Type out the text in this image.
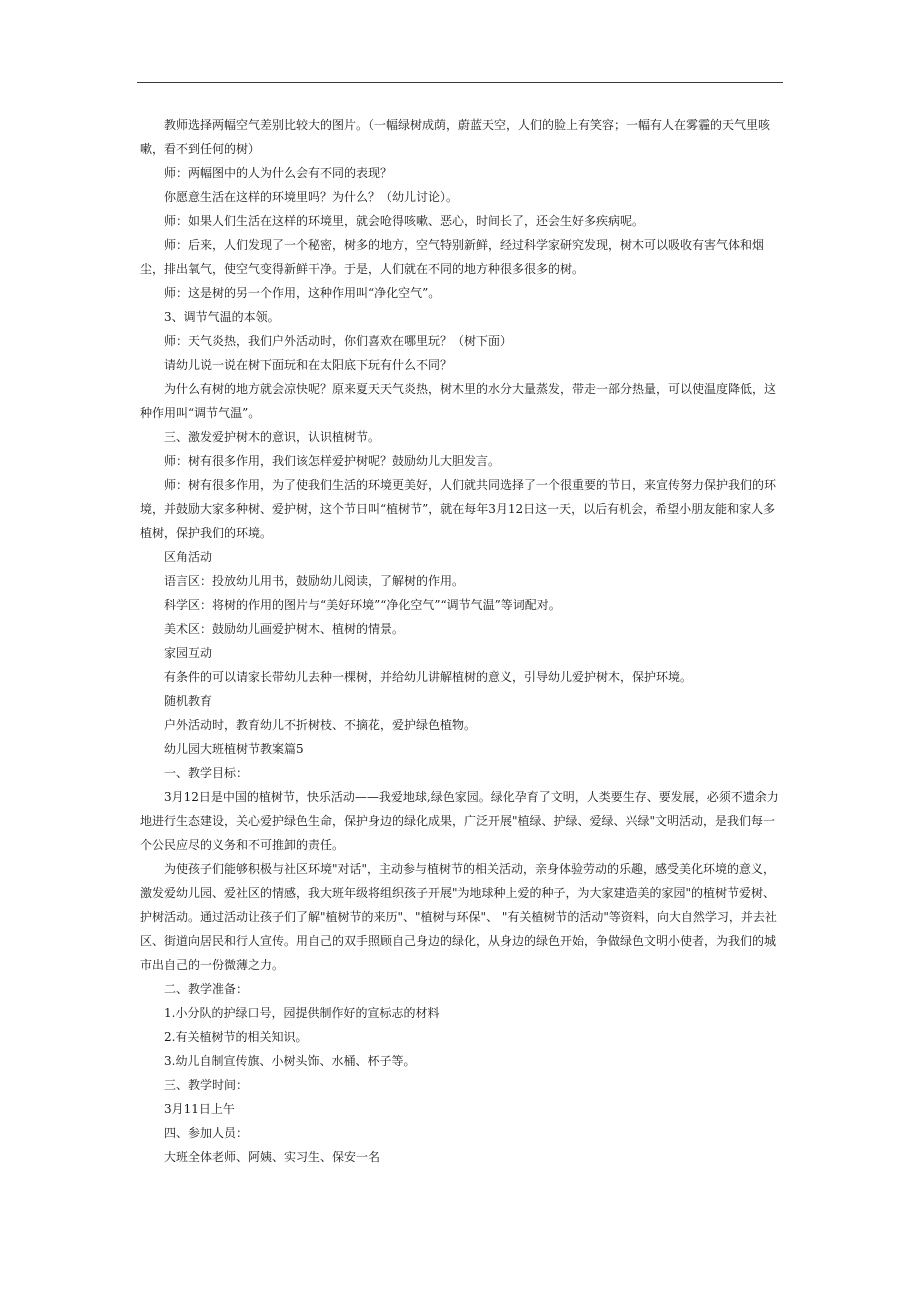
教师选择两幅空气差别比较大的图片。（一幅绿树成荫，蔚蓝天空，人们的脸上有笑容；一幅有人在雾霾的天气里咳嗽，看不到任何的树）

师：两幅图中的人为什么会有不同的表现？

你愿意生活在这样的环境里吗？为什么？（幼儿讨论）。

师：如果人们生活在这样的环境里，就会呛得咳嗽、恶心，时间长了，还会生好多疾病呢。

师：后来，人们发现了一个秘密，树多的地方，空气特别新鲜，经过科学家研究发现，树木可以吸收有害气体和烟尘，排出氧气，使空气变得新鲜干净。于是，人们就在不同的地方种很多很多的树。

师：这是树的另一个作用，这种作用叫“净化空气”。

3、调节气温的本领。

师：天气炎热，我们户外活动时，你们喜欢在哪里玩？（树下面）

请幼儿说一说在树下面玩和在太阳底下玩有什么不同？

为什么有树的地方就会凉快呢？原来夏天天气炎热，树木里的水分大量蒸发，带走一部分热量，可以使温度降低，这种作用叫“调节气温”。

三、激发爱护树木的意识，认识植树节。

师：树有很多作用，我们该怎样爱护树呢？鼓励幼儿大胆发言。

师：树有很多作用，为了使我们生活的环境更美好，人们就共同选择了一个很重要的节日，来宣传努力保护我们的环境，并鼓励大家多种树、爱护树，这个节日叫“植树节”，就在每年3月12日这一天，以后有机会，希望小朋友能和家人多植树，保护我们的环境。

区角活动

语言区：投放幼儿用书，鼓励幼儿阅读，了解树的作用。

科学区：将树的作用的图片与“美好环境”“净化空气”“调节气温”等词配对。

美术区：鼓励幼儿画爱护树木、植树的情景。

家园互动

有条件的可以请家长带幼儿去种一棵树，并给幼儿讲解植树的意义，引导幼儿爱护树木，保护环境。

随机教育

户外活动时，教育幼儿不折树枝、不摘花，爱护绿色植物。

幼儿园大班植树节教案篇5

一、教学目标：

3月12日是中国的植树节，快乐活动——我爱地球,绿色家园。绿化孕育了文明，人类要生存、要发展，必须不遗余力地进行生态建设，关心爱护绿色生命，保护身边的绿化成果，广泛开展"植绿、护绿、爱绿、兴绿"文明活动，是我们每一个公民应尽的义务和不可推卸的责任。

为使孩子们能够积极与社区环境"对话"，主动参与植树节的相关活动，亲身体验劳动的乐趣，感受美化环境的意义，激发爱幼儿园、爱社区的情感，我大班年级将组织孩子开展"为地球种上爱的种子，为大家建造美的家园"的植树节爱树、护树活动。通过活动让孩子们了解"植树节的来历"、"植树与环保"、 "有关植树节的活动"等资料，向大自然学习，并去社区、街道向居民和行人宣传。用自己的双手照顾自己身边的绿化，从身边的绿色开始，争做绿色文明小使者，为我们的城市出自己的一份微薄之力。

二、教学准备：

1.小分队的护绿口号，园提供制作好的宣标志的材料

2.有关植树节的相关知识。

3.幼儿自制宣传旗、小树头饰、水桶、杯子等。

三、教学时间：

3月11日上午

四、参加人员：

大班全体老师、阿姨、实习生、保安一名
